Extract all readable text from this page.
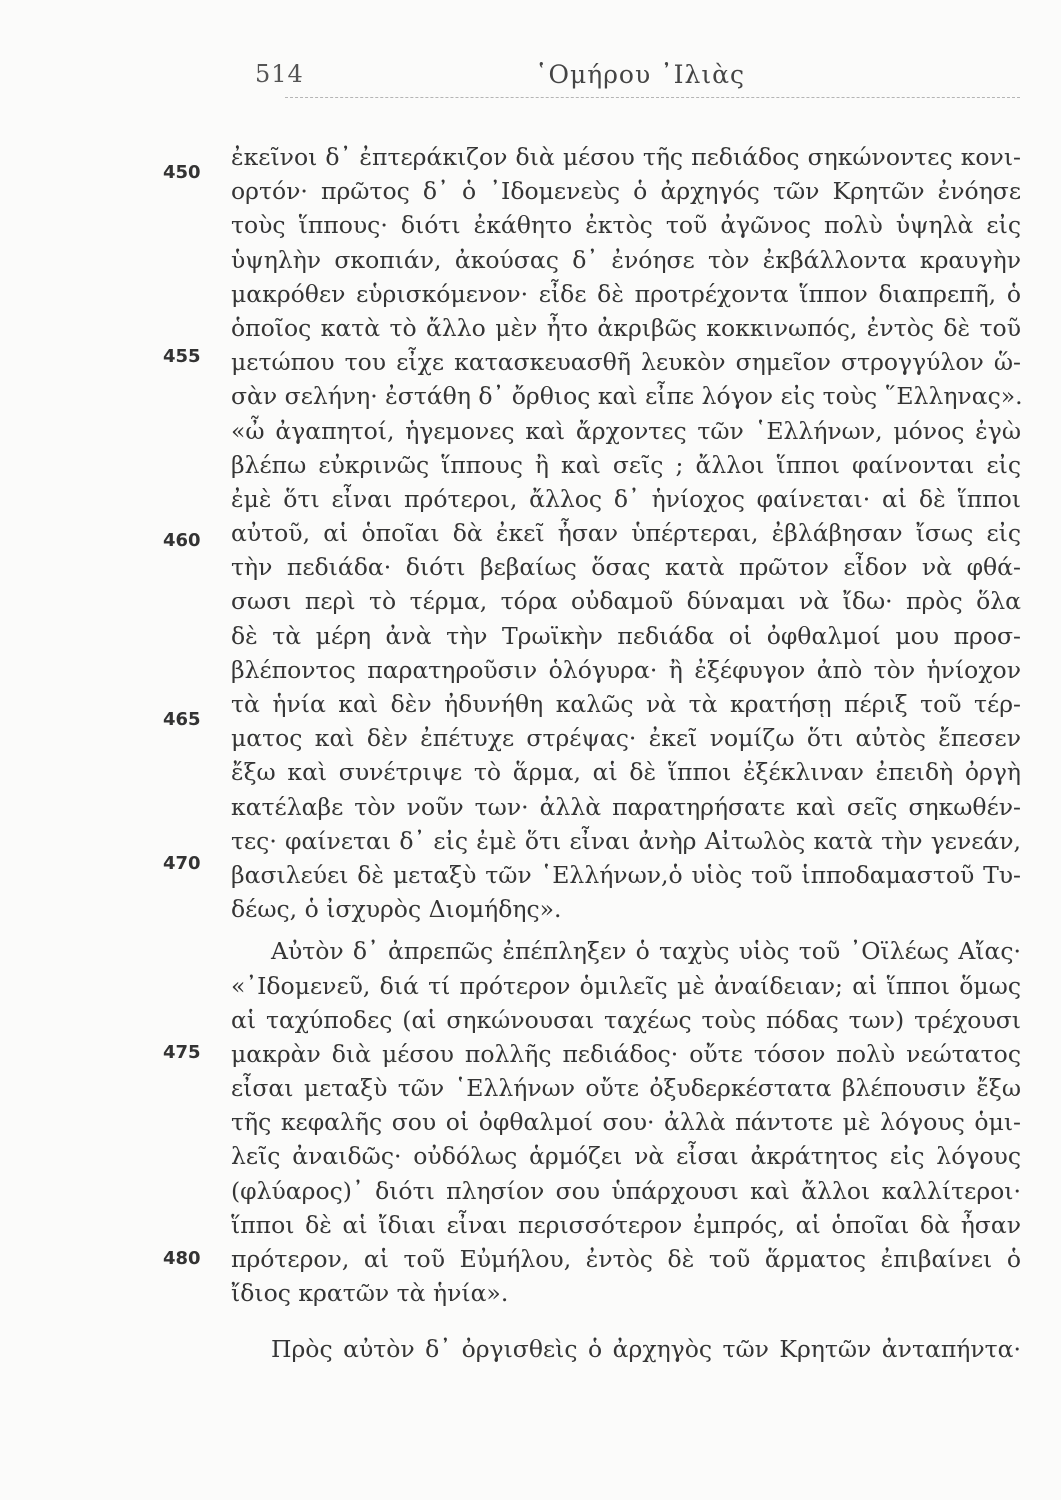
514	῾Ομήρου ᾽Ιλιὰς
450
455
460
465
470
475
480
ἐκεῖνοι δ᾽ ἐπτεράκιζον διὰ μέσου τῆς πεδιάδος σηκώνοντες κονι-
ορτόν· πρῶτος δ᾽ ὁ ᾽Ιδομενεὺς ὁ ἀρχηγός τῶν Κρητῶν ἐνόησε
τοὺς ἵππους· διότι ἐκάθητο ἐκτὸς τοῦ ἀγῶνος πολὺ ὑψηλὰ εἰς
ὑψηλὴν σκοπιάν, ἀκούσας δ᾽ ἐνόησε τὸν ἐκβάλλοντα κραυγὴν
μακρόθεν εὑρισκόμενον· εἶδε δὲ προτρέχοντα ἵππον διαπρεπῆ, ὁ
ὁποῖος κατὰ τὸ ἄλλο μὲν ἦτο ἀκριβῶς κοκκινωπός, ἐντὸς δὲ τοῦ
μετώπου του εἶχε κατασκευασθῆ λευκὸν σημεῖον στρογγύλον ὥ-
σὰν σελήνη· ἐστάθη δ᾽ ὄρθιος καὶ εἶπε λόγον εἰς τοὺς ῞Ελληνας».
«ὦ ἀγαπητοί, ἡγεμονες καὶ ἄρχοντες τῶν ῾Ελλήνων, μόνος ἐγὼ
βλέπω εὐκρινῶς ἵππους ἢ καὶ σεῖς ; ἄλλοι ἵπποι φαίνονται εἰς
ἐμὲ ὅτι εἶναι πρότεροι, ἄλλος δ᾽ ἡνίοχος φαίνεται· αἱ δὲ ἵπποι
αὐτοῦ, αἱ ὁποῖαι δὰ ἐκεῖ ἦσαν ὑπέρτεραι, ἐβλάβησαν ἴσως εἰς
τὴν πεδιάδα· διότι βεβαίως ὅσας κατὰ πρῶτον εἶδον νὰ φθά-
σωσι περὶ τὸ τέρμα, τόρα οὐδαμοῦ δύναμαι νὰ ἴδω· πρὸς ὅλα
δὲ τὰ μέρη ἀνὰ τὴν Τρωϊκὴν πεδιάδα οἱ ὀφθαλμοί μου προσ-
βλέποντος παρατηροῦσιν ὁλόγυρα· ἢ ἐξέφυγον ἀπὸ τὸν ἡνίοχον
τὰ ἡνία καὶ δὲν ἠδυνήθη καλῶς νὰ τὰ κρατήσῃ πέριξ τοῦ τέρ-
ματος καὶ δὲν ἐπέτυχε στρέψας· ἐκεῖ νομίζω ὅτι αὐτὸς ἔπεσεν
ἔξω καὶ συνέτριψε τὸ ἅρμα, αἱ δὲ ἵπποι ἐξέκλιναν ἐπειδὴ ὀργὴ
κατέλαβε τὸν νοῦν των· ἀλλὰ παρατηρήσατε καὶ σεῖς σηκωθέν-
τες· φαίνεται δ᾽ εἰς ἐμὲ ὅτι εἶναι ἀνὴρ Αἰτωλὸς κατὰ τὴν γενεάν,
βασιλεύει δὲ μεταξὺ τῶν ῾Ελλήνων,ὁ υἱὸς τοῦ ἱπποδαμαστοῦ Τυ-
δέως, ὁ ἰσχυρὸς Διομήδης».
Αὐτὸν δ᾽ ἀπρεπῶς ἐπέπληξεν ὁ ταχὺς υἱὸς τοῦ ᾽Οϊλέως Αἴας·
«᾽Ιδομενεῦ, διά τί πρότερον ὁμιλεῖς μὲ ἀναίδειαν; αἱ ἵπποι ὅμως
αἱ ταχύποδες (αἱ σηκώνουσαι ταχέως τοὺς πόδας των) τρέχουσι
μακρὰν διὰ μέσου πολλῆς πεδιάδος· οὔτε τόσον πολὺ νεώτατος
εἶσαι μεταξὺ τῶν ῾Ελλήνων οὔτε ὀξυδερκέστατα βλέπουσιν ἔξω
τῆς κεφαλῆς σου οἱ ὀφθαλμοί σου· ἀλλὰ πάντοτε μὲ λόγους ὁμι-
λεῖς ἀναιδῶς· οὐδόλως ἁρμόζει νὰ εἶσαι ἀκράτητος εἰς λόγους
(φλύαρος)᾽ διότι πλησίον σου ὑπάρχουσι καὶ ἄλλοι καλλίτεροι·
ἵπποι δὲ αἱ ἴδιαι εἶναι περισσότερον ἐμπρός, αἱ ὁποῖαι δὰ ἦσαν
πρότερον, αἱ τοῦ Εὐμήλου, ἐντὸς δὲ τοῦ ἅρματος ἐπιβαίνει ὁ
ἴδιος κρατῶν τὰ ἡνία».
Πρὸς αὐτὸν δ᾽ ὀργισθεὶς ὁ ἀρχηγὸς τῶν Κρητῶν ἀνταπήντα·
